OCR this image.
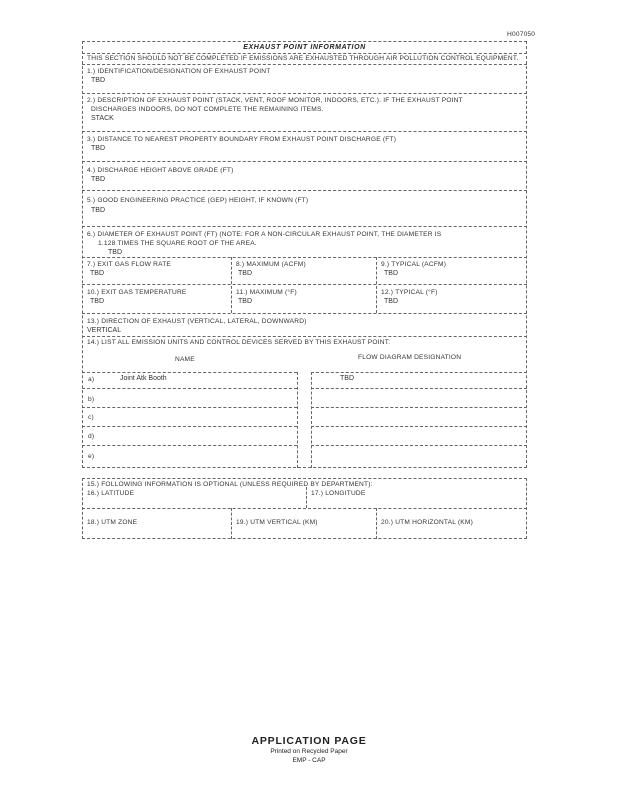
H007050
EXHAUST POINT INFORMATION
THIS SECTION SHOULD NOT BE COMPLETED IF EMISSIONS ARE EXHAUSTED THROUGH AIR POLLUTION CONTROL EQUIPMENT.
1.) IDENTIFICATION/DESIGNATION OF EXHAUST POINT
TBD
2.) DESCRIPTION OF EXHAUST POINT (STACK, VENT, ROOF MONITOR, INDOORS, ETC.). IF THE EXHAUST POINT
DISCHARGES INDOORS, DO NOT COMPLETE THE REMAINING ITEMS.
STACK
3.) DISTANCE TO NEAREST PROPERTY BOUNDARY FROM EXHAUST POINT DISCHARGE (FT)
TBD
4.) DISCHARGE HEIGHT ABOVE GRADE (FT)
TBD
5.) GOOD ENGINEERING PRACTICE (GEP) HEIGHT, IF KNOWN (FT)
TBD
6.) DIAMETER OF EXHAUST POINT (FT) (NOTE: FOR A NON-CIRCULAR EXHAUST POINT, THE DIAMETER IS
1.128 TIMES THE SQUARE ROOT OF THE AREA.
TBD
7.) EXIT GAS FLOW RATE
TBD
8.) MAXIMUM (ACFM)
TBD
9.) TYPICAL (ACFM)
TBD
10.) EXIT GAS TEMPERATURE
TBD
11.) MAXIMUM (°F)
TBD
12.) TYPICAL (°F)
TBD
13.) DIRECTION OF EXHAUST (VERTICAL, LATERAL, DOWNWARD)
VERTICAL
14.) LIST ALL EMISSION UNITS AND CONTROL DEVICES SERVED BY THIS EXHAUST POINT:
NAME	FLOW DIAGRAM DESIGNATION
a)	Joint Atk Booth	TBD
b)
c)
d)
e)
15.) FOLLOWING INFORMATION IS OPTIONAL (UNLESS REQUIRED BY DEPARTMENT):
16.) LATITUDE	17.) LONGITUDE
18.) UTM ZONE	19.) UTM VERTICAL (KM)	20.) UTM HORIZONTAL (KM)
APPLICATION PAGE
Printed on Recycled Paper
EMP - CAP
